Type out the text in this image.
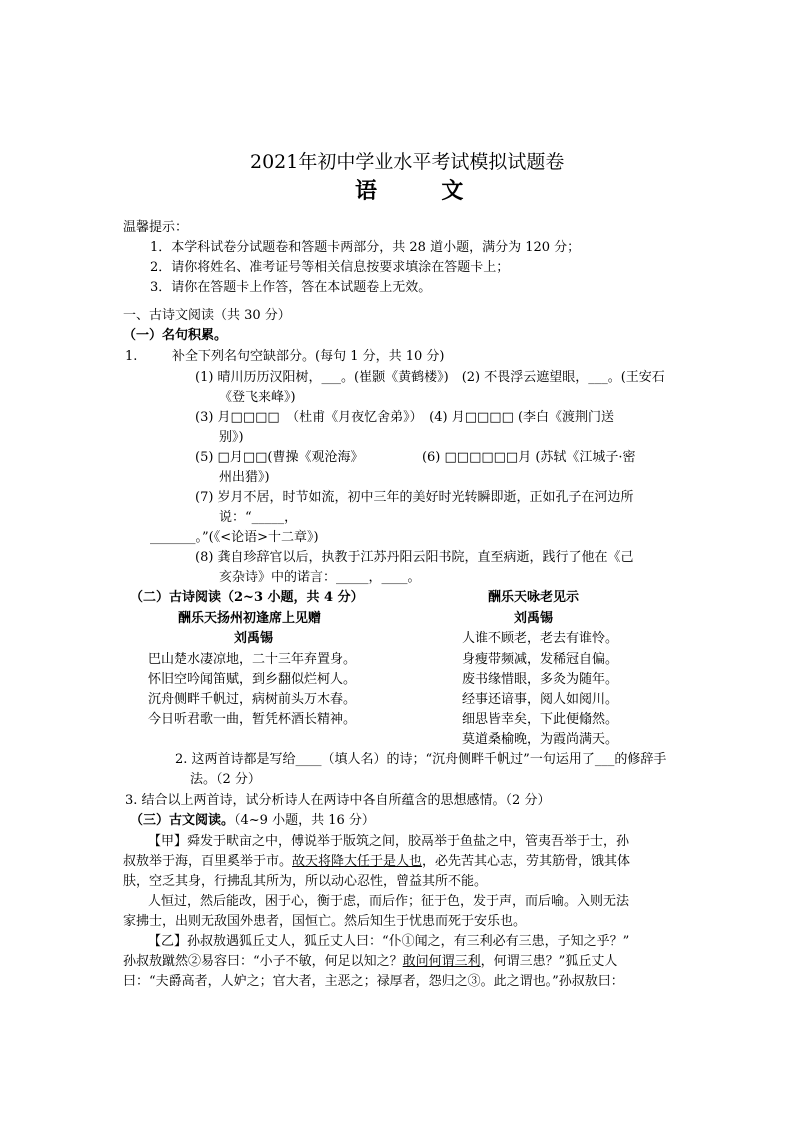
2021年初中学业水平考试模拟试题卷
语	文
温馨提示：
1．本学科试卷分试题卷和答题卡两部分，共 28 道小题，满分为 120 分；
2．请你将姓名、准考证号等相关信息按要求填涂在答题卡上；
3．请你在答题卡上作答，答在本试题卷上无效。
一、古诗文阅读（共 30 分）
（一）名句积累。
1.	补全下列名句空缺部分。(每句 1 分，共 10 分)
(1) 晴川历历汉阳树，___。(崔颢《黄鹤楼》)　(2) 不畏浮云遮望眼，___。(王安石
《登飞来峰》)
(3) 月□□□□　（杜甫《月夜忆舍弟》）　(4) 月□□□□ (李白《渡荆门送
别》)
(5) □月□□(曹操《观沧海》　　　　　(6) □□□□□□月 (苏轼《江城子·密
州出猎》)
(7) 岁月不居，时节如流，初中三年的美好时光转瞬即逝，正如孔子在河边所
说：“_____，
_______。”(《<论语>十二章》)
(8) 龚自珍辞官以后，执教于江苏丹阳云阳书院，直至病逝，践行了他在《己
亥杂诗》中的诺言：_____，____。
（二）古诗阅读（2~3 小题，共 4 分）
酬乐天扬州初逢席上见赠
刘禹锡
巴山楚水凄凉地，二十三年弃置身。
怀旧空吟闻笛赋，到乡翻似烂柯人。
沉舟侧畔千帆过，病树前头万木春。
今日听君歌一曲，暂凭杯酒长精神。
酬乐天咏老见示
刘禹锡
人谁不顾老，老去有谁怜。
身瘦带频减，发稀冠自偏。
废书缘惜眼，多灸为随年。
经事还谙事，阅人如阅川。
细思皆幸矣，下此便翛然。
莫道桑榆晚，为霞尚满天。
2. 这两首诗都是写给____（填人名）的诗；“沉舟侧畔千帆过”一句运用了___的修辞手
法。（2 分）
3. 结合以上两首诗，试分析诗人在两诗中各自所蕴含的思想感情。（2 分）
（三）古文阅读。（4~9 小题，共 16 分）
【甲】舜发于畎亩之中，傅说举于版筑之间，胶鬲举于鱼盐之中，管夷吾举于士，孙
叔敖举于海，百里奚举于市。故天将降大任于是人也，必先苦其心志，劳其筋骨，饿其体
肤，空乏其身，行拂乱其所为，所以动心忍性，曾益其所不能。
人恒过，然后能改，困于心，衡于虑，而后作；征于色，发于声，而后喻。入则无法
家拂士，出则无敌国外患者，国恒亡。然后知生于忧患而死于安乐也。
【乙】孙叔敖遇狐丘丈人，狐丘丈人曰：“仆①闻之，有三利必有三患，子知之乎？”
孙叔敖蹴然②易容曰：“小子不敏，何足以知之？敢问何谓三利，何谓三患？”狐丘丈人
曰：“夫爵高者，人妒之；官大者，主恶之；禄厚者，怨归之③。此之谓也。”孙叔敖曰：
